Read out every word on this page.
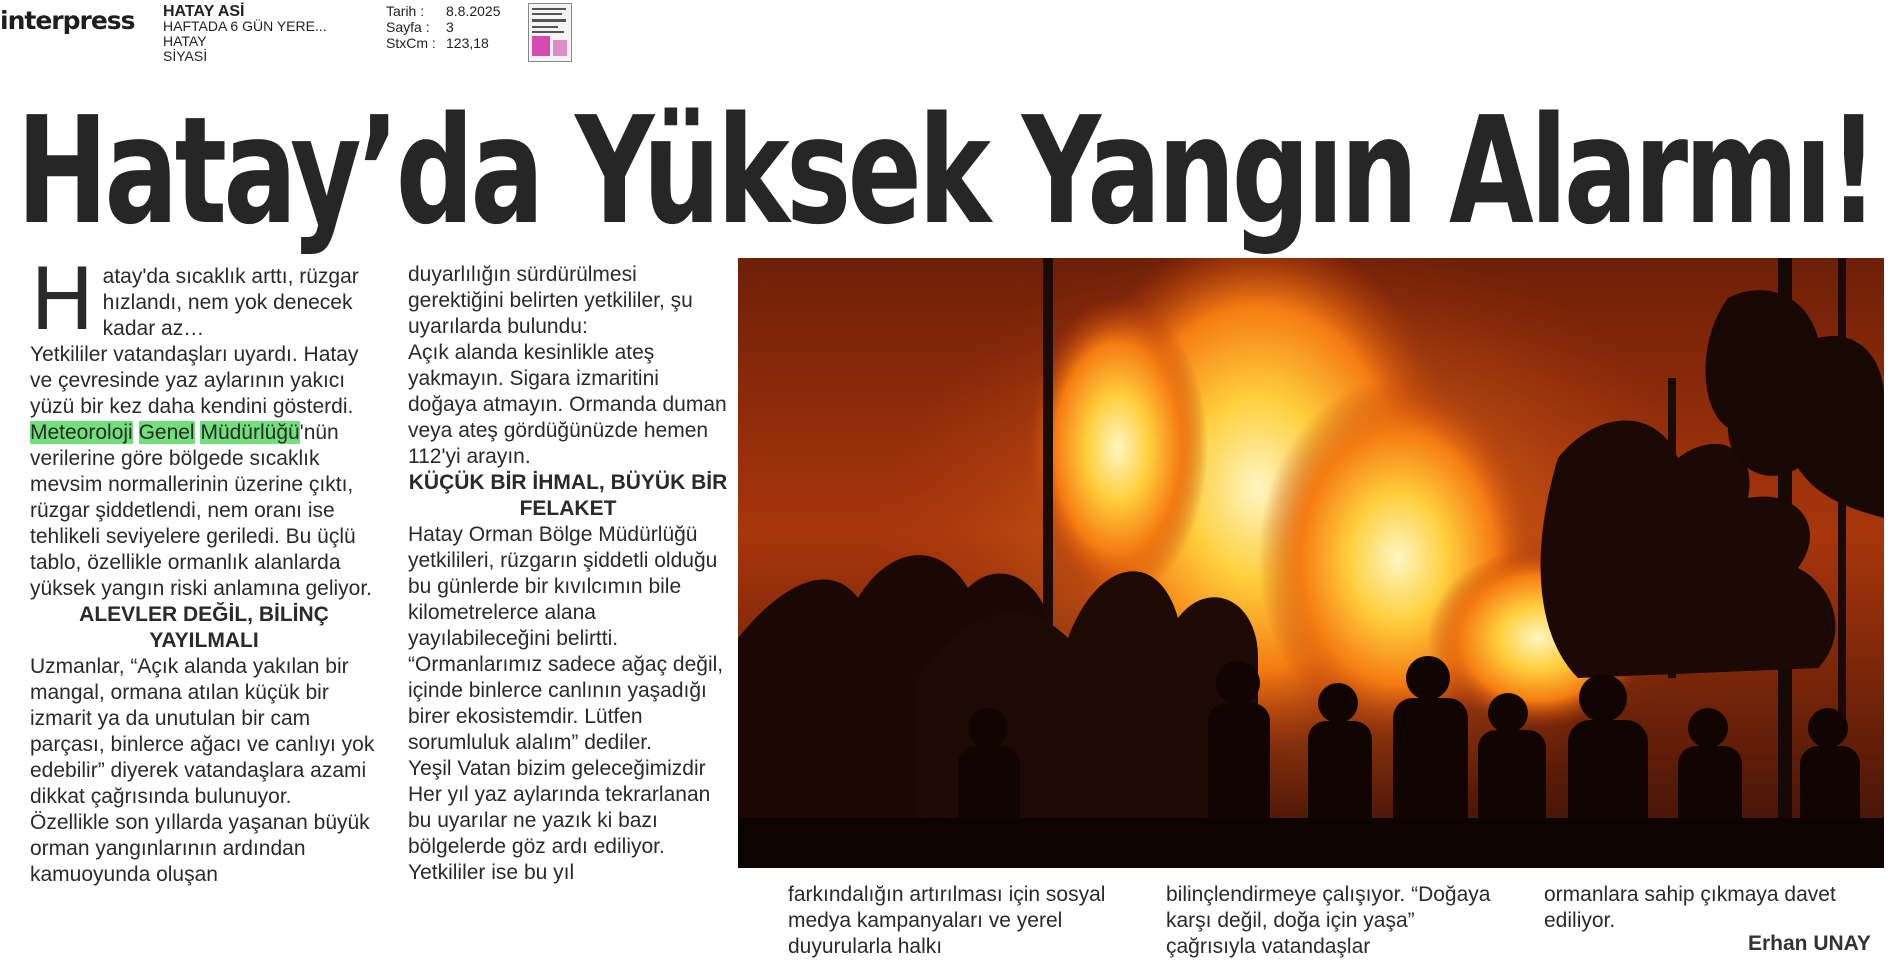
interpress HATAY ASİ
HAFTADA 6 GÜN YERE...
HATAY
SİYASİ
Tarih :	8.8.2025
Sayfa :	3
StxCm : 123,18
Hatay’da Yüksek Yangın Alarmı!
H atay'da sıcaklık arttı, rüzgar hızlandı, nem yok denecek kadar az…

Yetkililer vatandaşları uyardı. Hatay ve çevresinde yaz aylarının yakıcı yüzü bir kez daha kendini gösterdi.

Meteoroloji Genel Müdürlüğü'nün verilerine göre bölgede sıcaklık mevsim normallerinin üzerine çıktı, rüzgar şiddetlendi, nem oranı ise tehlikeli seviyelere geriledi. Bu üçlü tablo, özellikle ormanlık alanlarda yüksek yangın riski anlamına geliyor.

ALEVLER DEĞİL, BİLİNÇ YAYILMALI

Uzmanlar, “Açık alanda yakılan bir mangal, ormana atılan küçük bir izmarit ya da unutulan bir cam parçası, binlerce ağacı ve canlıyı yok edebilir” diyerek vatandaşlara azami dikkat çağrısında bulunuyor.

Özellikle son yıllarda yaşanan büyük orman yangınlarının ardından kamuoyunda oluşan

duyarlılığın sürdürülmesi gerektiğini belirten yetkililer, şu uyarılarda bulundu:

Açık alanda kesinlikle ateş yakmayın. Sigara izmaritini doğaya atmayın. Ormanda duman veya ateş gördüğünüzde hemen 112'yi arayın.

KÜÇÜK BİR İHMAL, BÜYÜK BİR FELAKET

Hatay Orman Bölge Müdürlüğü yetkilileri, rüzgarın şiddetli olduğu bu günlerde bir kıvılcımın bile kilometrelerce alana yayılabileceğini belirtti. “Ormanlarımız sadece ağaç değil, içinde binlerce canlının yaşadığı birer ekosistemdir. Lütfen sorumluluk alalım” dediler.

Yeşil Vatan bizim geleceğimizdir

Her yıl yaz aylarında tekrarlanan bu uyarılar ne yazık ki bazı bölgelerde göz ardı ediliyor. Yetkililer ise bu yıl

farkındalığın artırılması için sosyal medya kampanyaları ve yerel duyurularla halkı

bilinçlendirmeye çalışıyor. “Doğaya karşı değil, doğa için yaşa” çağrısıyla vatandaşlar

ormanlara sahip çıkmaya davet ediliyor.

Erhan UNAY
